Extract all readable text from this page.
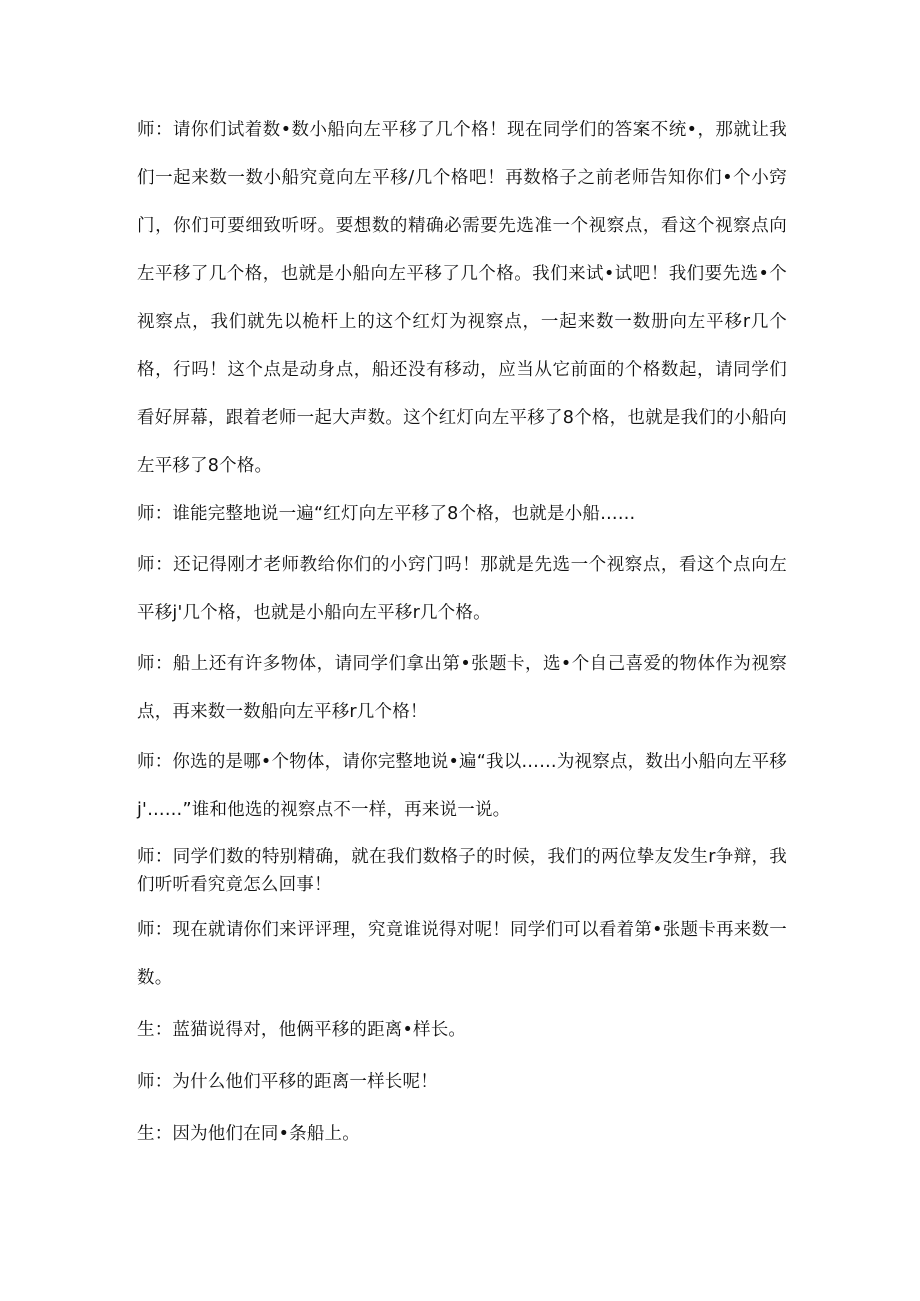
师：请你们试着数•数小船向左平移了几个格！现在同学们的答案不统•，那就让我们一起来数一数小船究竟向左平移/几个格吧！再数格子之前老师告知你们•个小窍门，你们可要细致听呀。要想数的精确必需要先选准一个视察点，看这个视察点向左平移了几个格，也就是小船向左平移了几个格。我们来试•试吧！我们要先选•个视察点，我们就先以桅杆上的这个红灯为视察点，一起来数一数册向左平移r几个格，行吗！这个点是动身点，船还没有移动，应当从它前面的个格数起，请同学们看好屏幕，跟着老师一起大声数。这个红灯向左平移了8个格，也就是我们的小船向左平移了8个格。

师：谁能完整地说一遍“红灯向左平移了8个格，也就是小船……

师：还记得刚才老师教给你们的小窍门吗！那就是先选一个视察点，看这个点向左平移j'几个格，也就是小船向左平移r几个格。

师：船上还有许多物体，请同学们拿出第•张题卡，选•个自己喜爱的物体作为视察点，再来数一数船向左平移r几个格！

师：你选的是哪•个物体，请你完整地说•遍“我以……为视察点，数出小船向左平移j'……”谁和他选的视察点不一样，再来说一说。

师：同学们数的特别精确，就在我们数格子的时候，我们的两位挚友发生r争辩，我们听听看究竟怎么回事！

师：现在就请你们来评评理，究竟谁说得对呢！同学们可以看着第•张题卡再来数一数。

生：蓝猫说得对，他俩平移的距离•样长。

师：为什么他们平移的距离一样长呢！

生：因为他们在同•条船上。
